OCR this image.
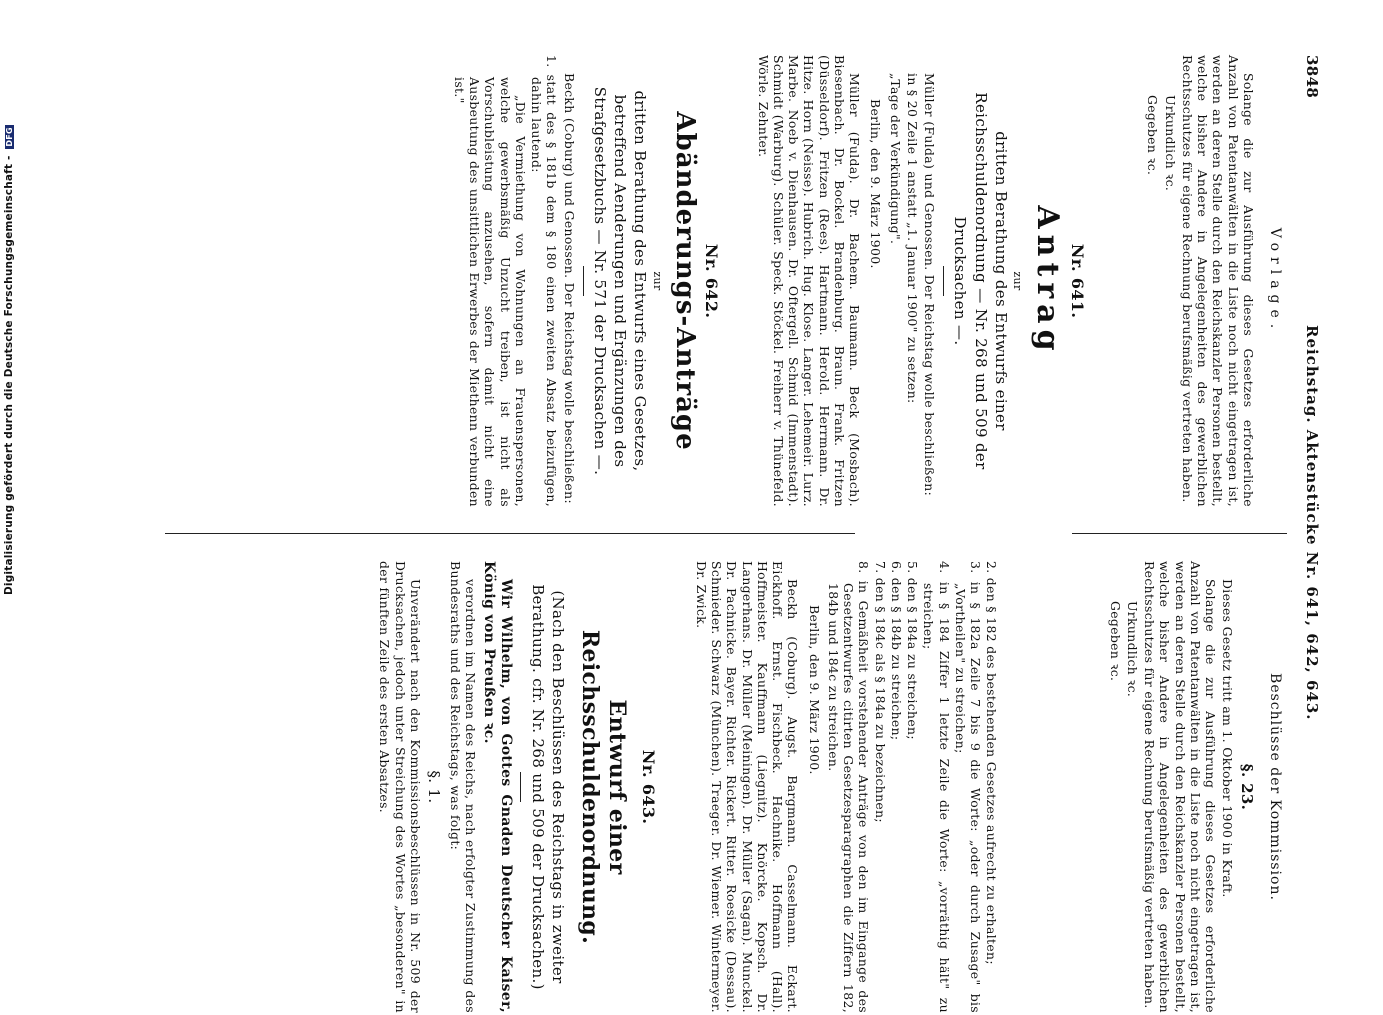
3848
Reichstag. Aktenstücke Nr. 641, 642, 643.
Vorlage.

Solange die zur Ausführung dieses Gesetzes erforderliche Anzahl von Patentanwälten in die Liste noch nicht eingetragen ist, werden an deren Stelle durch den Reichskanzler Personen bestellt, welche bisher Andere in Angelegenheiten des gewerblichen Rechtsschutzes für eigene Rechnung berufsmäßig vertreten haben.

Urkundlich ꝛc.

Gegeben ꝛc.

Nr. 641.
Antrag
zur
dritten Berathung des Entwurfs einer Reichsschuldenordnung — Nr. 268 und 509 der Drucksachen —.

Müller (Fulda) und Genossen. Der Reichstag wolle beschließen:

in § 20 Zeile 1 anstatt „1. Januar 1900" zu setzen:

„Tage der Verkündigung".

Berlin, den 9. März 1900.

Müller (Fulda). Dr. Bachem. Baumann. Beck (Mosbach). Biesenbach. Dr. Bockel. Brandenburg. Braun. Frank. Fritzen (Düsseldorf). Fritzen (Rees). Hartmann. Herold. Herrmann. Dr. Hitze. Horn (Neisse). Hubrich. Hug. Klose. Langer. Lehemeir. Lurz. Marbe. Noeb v. Dienhausen. Dr. Oftergell. Schmid (Immenstadt). Schmidt (Warburg). Schüler. Speck. Stöckel. Freiherr v. Thünefeld. Wörle. Zehnter.

Nr. 642.
Abänderungs-Anträge
zur
dritten Berathung des Entwurfs eines Gesetzes, betreffend Aenderungen und Ergänzungen des Strafgesetzbuchs — Nr. 571 der Drucksachen —.

Beckh (Coburg) und Genossen. Der Reichstag wolle beschließen:

1. statt des § 181b dem § 180 einen zweiten Absatz beizufügen, dahin lautend:

„Die Vermiethung von Wohnungen an Frauenspersonen, welche gewerbsmäßig Unzucht treiben, ist nicht als Vorschubleistung anzusehen, sofern damit nicht eine Ausbeutung des unsittlichen Erwerbes der Miethenn verbunden ist."

Beschlüsse der Kommission.
§. 23.

Dieses Gesetz tritt am 1. Oktober 1900 in Kraft.

Solange die zur Ausführung dieses Gesetzes erforderliche Anzahl von Patentanwälten in die Liste noch nicht eingetragen ist, werden an deren Stelle durch den Reichskanzler Personen bestellt, welche bisher Andere in Angelegenheiten des gewerblichen Rechtsschutzes für eigene Rechnung berufsmäßig vertreten haben.

Urkundlich ꝛc.

Gegeben ꝛc.

2. den § 182 des bestehenden Gesetzes aufrecht zu erhalten;

3. in § 182a Zeile 7 bis 9 die Worte: „oder durch Zusage" bis „Vortheilen" zu streichen;

4. in § 184 Ziffer 1 letzte Zeile die Worte: „vorräthig hält" zu streichen;

5. den § 184a zu streichen;

6. den § 184b zu streichen;

7. den § 184c als § 184a zu bezeichnen;

8. in Gemäßheit vorstehender Anträge von den im Eingange des Gesetzentwurfes citirten Gesetzesparagraphen die Ziffern 182, 184b und 184c zu streichen.

Berlin, den 9. März 1900.

Beckh (Coburg). Augst. Bargmann. Casselmann. Eckart. Eickhoff. Ernst. Fischbeck. Hachnike. Hoffmann (Hall). Hoffmeister. Kauffmann (Liegnitz). Knörcke. Kopsch. Dr. Langerhans. Dr. Müller (Meiningen). Dr. Müller (Sagan). Munckel. Dr. Pachnicke. Bayer. Richter. Rickert. Ritter. Roesicke (Dessau). Schmieder. Schwarz (München). Traeger. Dr. Wiemer. Wintermeyer. Dr. Zwick.

Nr. 643.
Entwurf einer Reichsschuldenordnung.
(Nach den Beschlüssen des Reichstags in zweiter Berathung. cfr. Nr. 268 und 509 der Drucksachen.)

Wir Wilhelm, von Gottes Gnaden Deutscher Kaiser, König von Preußen ꝛc.

verordnen im Namen des Reichs, nach erfolgter Zustimmung des Bundesraths und des Reichstags, was folgt:

§. 1.

Unverändert nach den Kommissionsbeschlüssen in Nr. 509 der Drucksachen, jedoch unter Streichung des Wortes „besonderen" in der fünften Zeile des ersten Absatzes.

Digitalisierung gefördert durch die Deutsche Forschungsgemeinschaft - DFG
